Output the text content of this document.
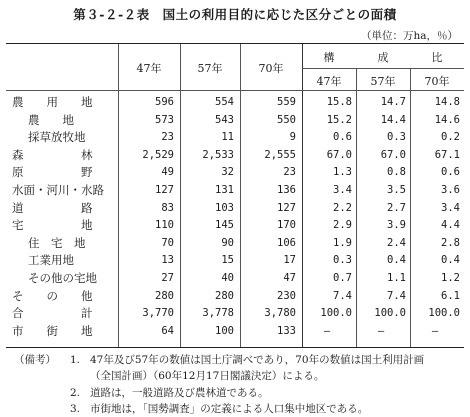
第３-２-２表　国土の利用目的に応じた区分ごとの面積
（単位：万ha，％）
47年	57年	70年
構	成	比
47年	57年	70年
農　　用　　地	596	554	559	15.8	14.7	14.8
農　　地	573	543	550	15.2	14.4	14.6
採草放牧地	23	11	9	0.6	0.3	0.2
森　　　　　林	2,529	2,533	2,555	67.0	67.0	67.1
原　　　　　野	49	32	23	1.3	0.8	0.6
水面・河川・水路	127	131	136	3.4	3.5	3.6
道　　　　　路	83	103	127	2.2	2.7	3.4
宅　　　　　地	110	145	170	2.9	3.9	4.4
住　宅　地	70	90	106	1.9	2.4	2.8
工業用地	13	15	17	0.3	0.4	0.4
その他の宅地	27	40	47	0.7	1.1	1.2
そ　　の　　他	280	280	230	7.4	7.4	6.1
合　　　　　計	3,770	3,778	3,780	100.0	100.0	100.0
市　　街　　地	64	100	133	―	―	―
（備考） 1. 47年及び57年の数値は国土庁調べであり，70年の数値は国土利用計画
（全国計画）（60年12月17日閣議決定）による。
2. 道路は，一般道路及び農林道である。
3. 市街地は，「国勢調査」の定義による人口集中地区である。
